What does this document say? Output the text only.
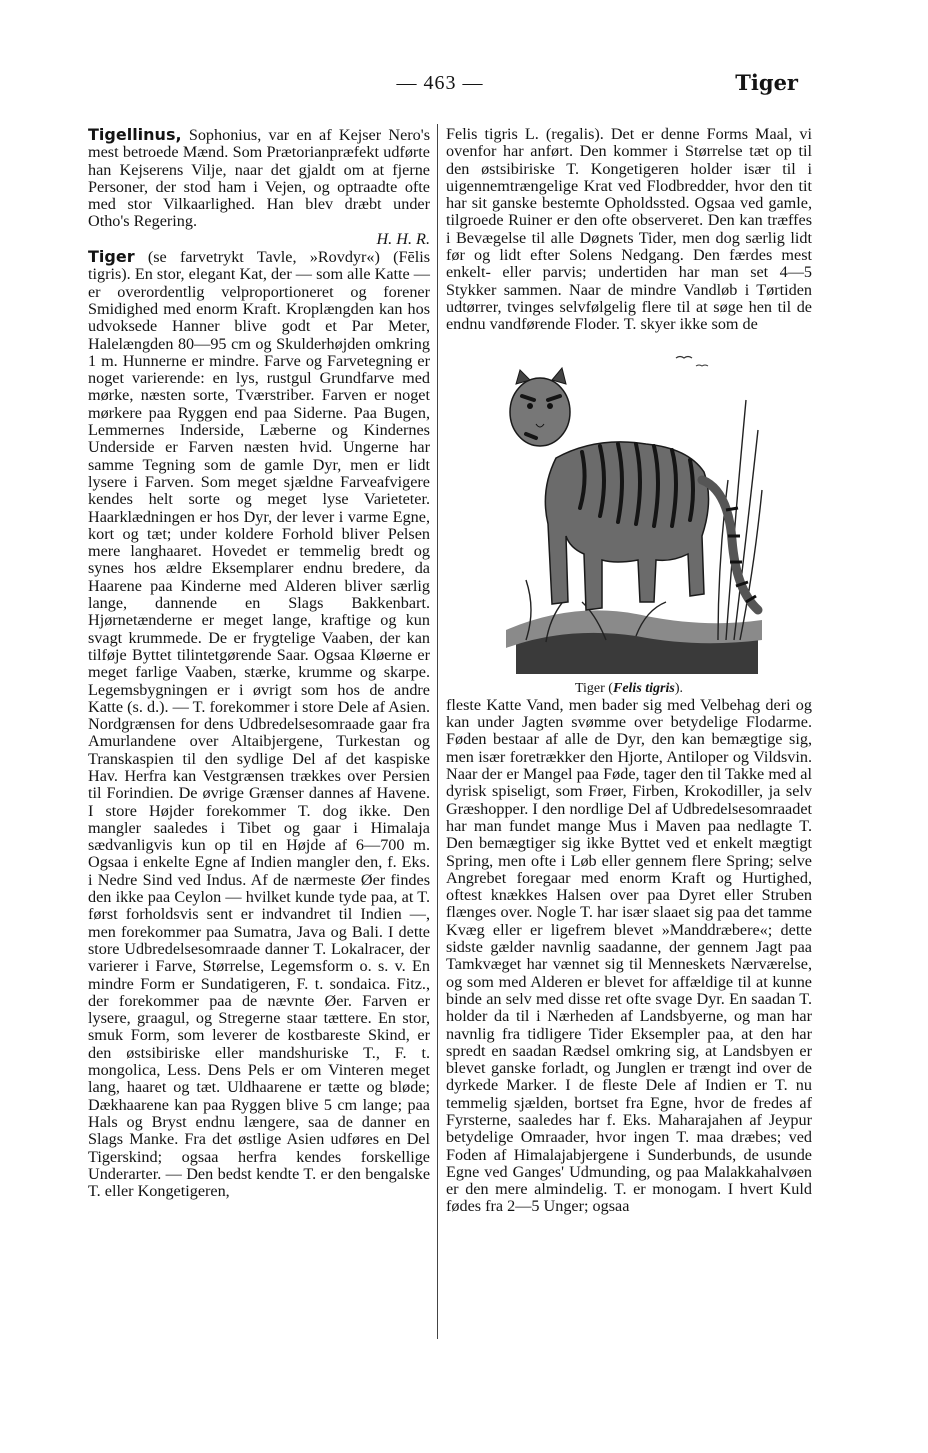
— 463 —	Tiger

Tigellinus, Sophonius, var en af Kejser Nero's mest betroede Mænd. Som Prætorianpræfekt udførte han Kejserens Vilje, naar det gjaldt om at fjerne Personer, der stod ham i Vejen, og optraadte ofte med stor Vilkaarlighed. Han blev dræbt under Otho's Regering.

H. H. R.

Tiger (se farvetrykt Tavle, »Rovdyr«) (Fēlis tigris). En stor, elegant Kat, der — som alle Katte — er overordentlig velproportioneret og forener Smidighed med enorm Kraft. Kroplængden kan hos udvoksede Hanner blive godt et Par Meter, Halelængden 80—95 cm og Skulderhøjden omkring 1 m. Hunnerne er mindre. Farve og Farvetegning er noget varierende: en lys, rustgul Grundfarve med mørke, næsten sorte, Tværstriber. Farven er noget mørkere paa Ryggen end paa Siderne. Paa Bugen, Lemmernes Inderside, Læberne og Kindernes Underside er Farven næsten hvid. Ungerne har samme Tegning som de gamle Dyr, men er lidt lysere i Farven. Som meget sjældne Farveafvigere kendes helt sorte og meget lyse Varieteter. Haarklædningen er hos Dyr, der lever i varme Egne, kort og tæt; under koldere Forhold bliver Pelsen mere langhaaret. Hovedet er temmelig bredt og synes hos ældre Eksemplarer endnu bredere, da Haarene paa Kinderne med Alderen bliver særlig lange, dannende en Slags Bakkenbart. Hjørnetænderne er meget lange, kraftige og kun svagt krummede. De er frygtelige Vaaben, der kan tilføje Byttet tilintetgørende Saar. Ogsaa Kløerne er meget farlige Vaaben, stærke, krumme og skarpe. Legemsbygningen er i øvrigt som hos de andre Katte (s. d.). — T. forekommer i store Dele af Asien. Nordgrænsen for dens Udbredelsesomraade gaar fra Amurlandene over Altaibjergene, Turkestan og Transkaspien til den sydlige Del af det kaspiske Hav. Herfra kan Vestgrænsen trækkes over Persien til Forindien. De øvrige Grænser dannes af Havene. I store Højder forekommer T. dog ikke. Den mangler saaledes i Tibet og gaar i Himalaja sædvanligvis kun op til en Højde af 6—700 m. Ogsaa i enkelte Egne af Indien mangler den, f. Eks. i Nedre Sind ved Indus. Af de nærmeste Øer findes den ikke paa Ceylon — hvilket kunde tyde paa, at T. først forholdsvis sent er indvandret til Indien —, men forekommer paa Sumatra, Java og Bali. I dette store Udbredelsesomraade danner T. Lokalracer, der varierer i Farve, Størrelse, Legemsform o. s. v. En mindre Form er Sundatigeren, F. t. sondaica. Fitz., der forekommer paa de nævnte Øer. Farven er lysere, graagul, og Stregerne staar tættere. En stor, smuk Form, som leverer de kostbareste Skind, er den østsibiriske eller mandshuriske T., F. t. mongolica, Less. Dens Pels er om Vinteren meget lang, haaret og tæt. Uldhaarene er tætte og bløde; Dækhaarene kan paa Ryggen blive 5 cm lange; paa Hals og Bryst endnu længere, saa de danner en Slags Manke. Fra det østlige Asien udføres en Del Tigerskind; ogsaa herfra kendes forskellige Underarter. — Den bedst kendte T. er den bengalske T. eller Kongetigeren,

Felis tigris L. (regalis). Det er denne Forms Maal, vi ovenfor har anført. Den kommer i Størrelse tæt op til den østsibiriske T. Kongetigeren holder især til i uigennemtrængelige Krat ved Flodbredder, hvor den tit har sit ganske bestemte Opholdssted. Ogsaa ved gamle, tilgroede Ruiner er den ofte observeret. Den kan træffes i Bevægelse til alle Døgnets Tider, men dog særlig lidt før og lidt efter Solens Nedgang. Den færdes mest enkelt- eller parvis; undertiden har man set 4—5 Stykker sammen. Naar de mindre Vandløb i Tørtiden udtørrer, tvinges selvfølgelig flere til at søge hen til de endnu vandførende Floder. T. skyer ikke som de

Tiger (Felis tigris).

fleste Katte Vand, men bader sig med Velbehag deri og kan under Jagten svømme over betydelige Flodarme. Føden bestaar af alle de Dyr, den kan bemægtige sig, men især foretrækker den Hjorte, Antiloper og Vildsvin. Naar der er Mangel paa Føde, tager den til Takke med al dyrisk spiseligt, som Frøer, Firben, Krokodiller, ja selv Græshopper. I den nordlige Del af Udbredelsesomraadet har man fundet mange Mus i Maven paa nedlagte T. Den bemægtiger sig ikke Byttet ved et enkelt mægtigt Spring, men ofte i Løb eller gennem flere Spring; selve Angrebet foregaar med enorm Kraft og Hurtighed, oftest knækkes Halsen over paa Dyret eller Struben flænges over. Nogle T. har især slaaet sig paa det tamme Kvæg eller er ligefrem blevet »Manddræbere«; dette sidste gælder navnlig saadanne, der gennem Jagt paa Tamkvæget har vænnet sig til Menneskets Nærværelse, og som med Alderen er blevet for affældige til at kunne binde an selv med disse ret ofte svage Dyr. En saadan T. holder da til i Nærheden af Landsbyerne, og man har navnlig fra tidligere Tider Eksempler paa, at den har spredt en saadan Rædsel omkring sig, at Landsbyen er blevet ganske forladt, og Junglen er trængt ind over de dyrkede Marker. I de fleste Dele af Indien er T. nu temmelig sjælden, bortset fra Egne, hvor de fredes af Fyrsterne, saaledes har f. Eks. Maharajahen af Jeypur betydelige Omraader, hvor ingen T. maa dræbes; ved Foden af Himalajabjergene i Sunderbunds, de usunde Egne ved Ganges' Udmunding, og paa Malakkahalvøen er den mere almindelig. T. er monogam. I hvert Kuld fødes fra 2—5 Unger; ogsaa
